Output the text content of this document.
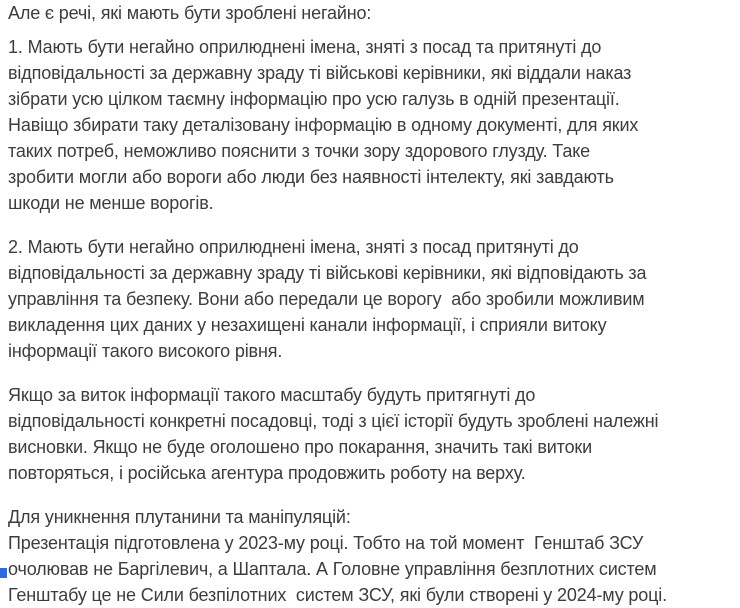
Але є речі, які мають бути зроблені негайно:

1. Мають бути негайно оприлюднені імена, зняті з посад та притянуті до
відповідальності за державну зраду ті військові керівники, які віддали наказ
зібрати усю цілком таємну інформацію про усю галузь в одній презентації.
Навіщо збирати таку деталізовану інформацію в одному документі, для яких
таких потреб, неможливо пояснити з точки зору здорового глузду. Таке
зробити могли або вороги або люди без наявності інтелекту, які завдають
шкоди не менше ворогів.

2. Мають бути негайно оприлюднені імена, зняті з посад притянуті до
відповідальності за державну зраду ті військові керівники, які відповідають за
управління та безпеку. Вони або передали це ворогу  або зробили можливим
викладення цих даних у незахищені канали інформації, і сприяли витоку
інформації такого високого рівня.

Якщо за виток інформації такого масштабу будуть притягнуті до
відповідальності конкретні посадовці, тоді з цієї історії будуть зроблені належні
висновки. Якщо не буде оголошено про покарання, значить такі витоки
повторяться, і російська агентура продовжить роботу на верху.

Для уникнення плутанини та маніпуляцій:
Презентація підготовлена у 2023-му році. Тобто на той момент  Генштаб ЗСУ
очолював не Баргілевич, а Шаптала. А Головне управління безплотних систем
Генштабу це не Сили безпілотних  систем ЗСУ, які були створені у 2024-му році.
